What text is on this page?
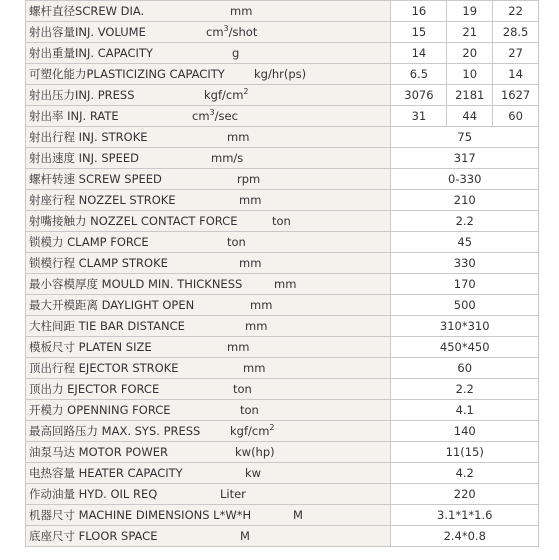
螺杆直径SCREW DIA. mm	16	19	22

射出容量INJ. VOLUME $cm^3$/shot	15	21	28.5

射出重量INJ. CAPACITY g	14	20	27

可塑化能力PLASTICIZING CAPACITY kg/hr(ps)	6.5	10	14

射出压力INJ. PRESS kgf/$cm^2$	3076	2181	1627

射出率 INJ. RATE $cm^3/\sec$	31	44	60

射出行程 INJ. STROKE mm	75		

射出速度 INJ. SPEED mm/s	317		

螺杆转速 SCREW SPEED rpm	0-330		

射座行程 NOZZEL STROKE mm	210		

射嘴接触力 NOZZEL CONTACT FORCE ton	2.2		

锁模力 CLAMP FORCE ton	45		

锁模行程 CLAMP STROKE mm	330		

最小容模厚度 MOULD MIN. THICKNESS mm	170		

最大开模距离 DAYLIGHT OPEN mm	500		

大柱间距 TIE BAR DISTANCE mm	310*310		

模板尺寸 PLATEN SIZE mm	450*450		

顶出行程 EJECTOR STROKE mm	60		

顶出力 EJECTOR FORCE ton	2.2		

开模力 OPENNING FORCE ton	4.1		

最高回路压力 MAX. SYS. PRESS kgf/$cm^2$	140		

油泵马达 MOTOR POWER kw(hp)	11(15)		

电热容量 HEATER CAPACITY kw	4.2		

作动油量 HYD. OIL REQ Liter	220		

机器尺寸 MACHINE DIMENSIONS L*W*H M	3.1*1*1.6		

底座尺寸 FLOOR SPACE M	2.4*0.8		
